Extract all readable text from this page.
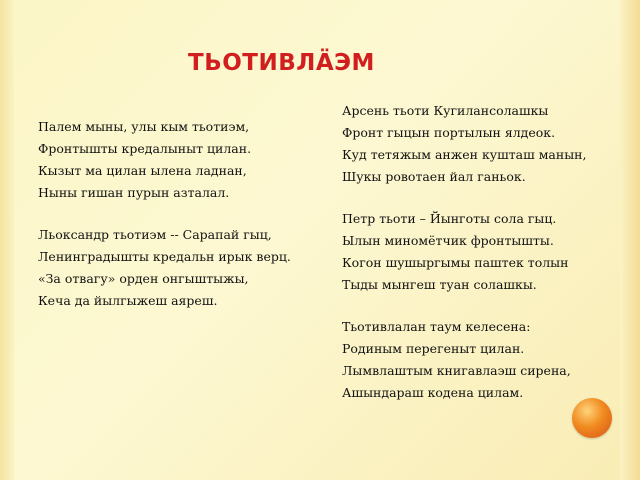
ТЬОТИВЛӒЭМ
Палем мыны, улы кым тьотиэм,
Фронтышты кредалыныт цилан.
Кызыт ма цилан ылена ладнан,
Ныны гишан пурын азталал.
Льоксандр тьотиэм -- Сарапай гыц,
Ленинградышты кредальн ирык верц.
«За отвагу» орден онгыштыжы,
Кеча да йылгыжеш аяреш.
Арсень тьоти Кугилансолашкы
Фронт гыцын портылын ялдеок.
Куд тетяжым анжен кушташ манын,
Шукы ровотаен йал ганьок.
Петр тьоти – Йынготы сола гыц.
Ылын миномётчик фронтышты.
Когон шушыргымы паштек толын
Тыды мынгеш туан солашкы.
Тьотивлалан таум келесена:
Родиным перегеныт цилан.
Лымвлаштым книгавлаэш сирена,
Ашындараш кодена цилам.
